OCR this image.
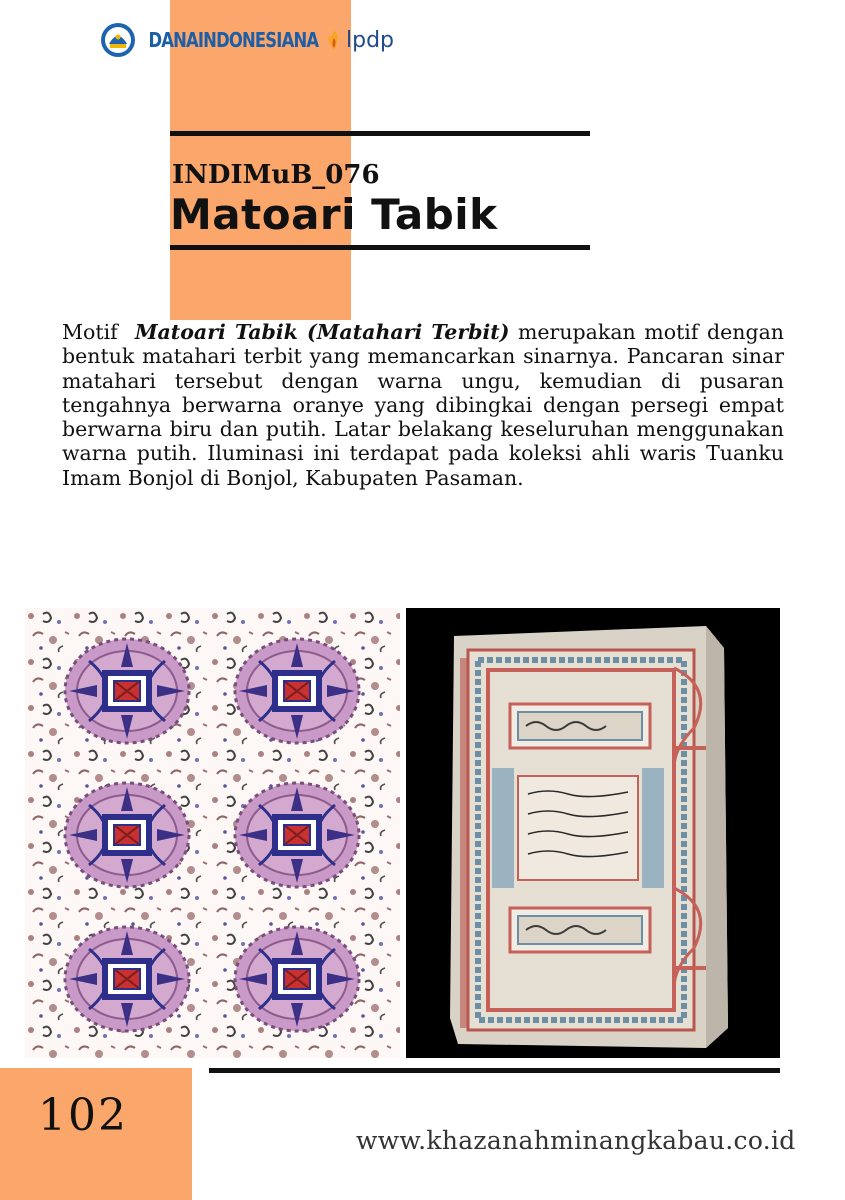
DANAINDONESIANA lpdp
INDIMuB_076
Matoari Tabik

Motif Matoari Tabik (Matahari Terbit) merupakan motif dengan bentuk matahari terbit yang memancarkan sinarnya. Pancaran sinar matahari tersebut dengan warna ungu, kemudian di pusaran tengahnya berwarna oranye yang dibingkai dengan persegi empat berwarna biru dan putih. Latar belakang keseluruhan menggunakan warna putih. Iluminasi ini terdapat pada koleksi ahli waris Tuanku Imam Bonjol di Bonjol, Kabupaten Pasaman.

102	www.khazanahminangkabau.co.id
